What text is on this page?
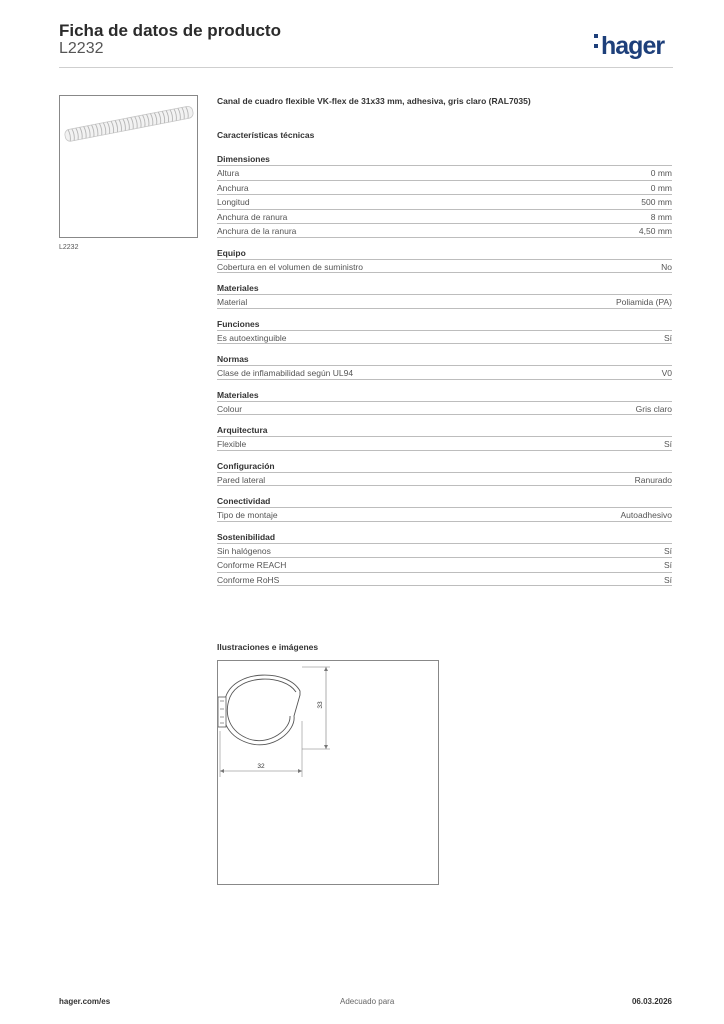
Ficha de datos de producto
L2232	hager
L2232
Canal de cuadro flexible VK-flex de 31x33 mm, adhesiva, gris claro (RAL7035)
Características técnicas
Dimensiones
Altura	0 mm
Anchura	0 mm
Longitud	500 mm
Anchura de ranura	8 mm
Anchura de la ranura	4,50 mm
Equipo
Cobertura en el volumen de suministro	No
Materiales
Material	Poliamida (PA)
Funciones
Es autoextinguible	Sí
Normas
Clase de inflamabilidad según UL94	V0
Materiales
Colour	Gris claro
Arquitectura
Flexible	Sí
Configuración
Pared lateral	Ranurado
Conectividad
Tipo de montaje	Autoadhesivo
Sostenibilidad
Sin halógenos	Sí
Conforme REACH	Sí
Conforme RoHS	Sí
Ilustraciones e imágenes
33
32
hager.com/es	Adecuado para	06.03.2026
